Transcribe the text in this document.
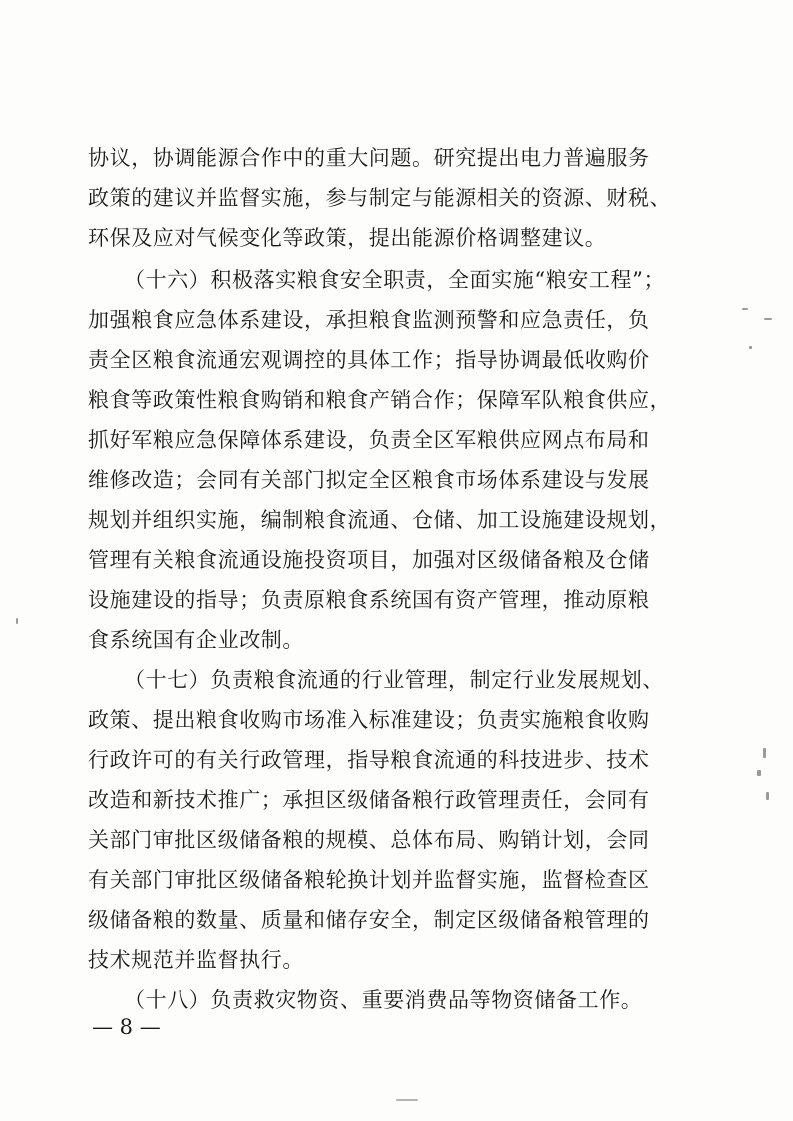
协议，协调能源合作中的重大问题。研究提出电力普遍服务
政策的建议并监督实施，参与制定与能源相关的资源、财税、
环保及应对气候变化等政策，提出能源价格调整建议。
（十六）积极落实粮食安全职责，全面实施“粮安工程”；
加强粮食应急体系建设，承担粮食监测预警和应急责任，负
责全区粮食流通宏观调控的具体工作；指导协调最低收购价
粮食等政策性粮食购销和粮食产销合作；保障军队粮食供应，
抓好军粮应急保障体系建设，负责全区军粮供应网点布局和
维修改造；会同有关部门拟定全区粮食市场体系建设与发展
规划并组织实施，编制粮食流通、仓储、加工设施建设规划，
管理有关粮食流通设施投资项目，加强对区级储备粮及仓储
设施建设的指导；负责原粮食系统国有资产管理，推动原粮
食系统国有企业改制。
（十七）负责粮食流通的行业管理，制定行业发展规划、
政策、提出粮食收购市场准入标准建设；负责实施粮食收购
行政许可的有关行政管理，指导粮食流通的科技进步、技术
改造和新技术推广；承担区级储备粮行政管理责任，会同有
关部门审批区级储备粮的规模、总体布局、购销计划，会同
有关部门审批区级储备粮轮换计划并监督实施，监督检查区
级储备粮的数量、质量和储存安全，制定区级储备粮管理的
技术规范并监督执行。
（十八）负责救灾物资、重要消费品等物资储备工作。
— 8 —
